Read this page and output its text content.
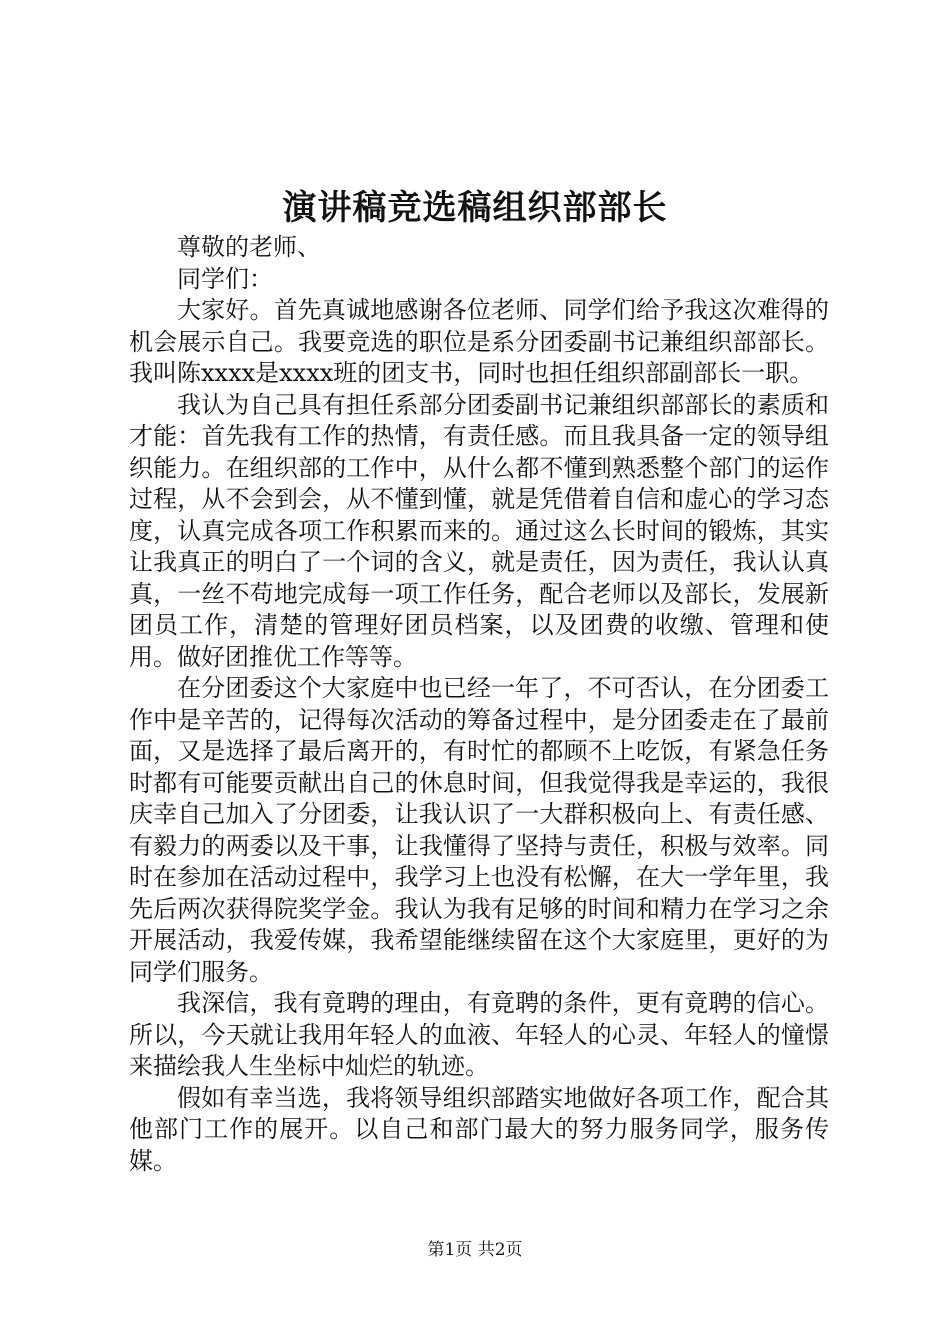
演讲稿竞选稿组织部部长

尊敬的老师、

同学们：

大家好。首先真诚地感谢各位老师、同学们给予我这次难得的机会展示自己。我要竞选的职位是系分团委副书记兼组织部部长。我叫陈xxxx是xxxx班的团支书，同时也担任组织部副部长一职。

我认为自己具有担任系部分团委副书记兼组织部部长的素质和才能：首先我有工作的热情，有责任感。而且我具备一定的领导组织能力。在组织部的工作中，从什么都不懂到熟悉整个部门的运作过程，从不会到会，从不懂到懂，就是凭借着自信和虚心的学习态度，认真完成各项工作积累而来的。通过这么长时间的锻炼，其实让我真正的明白了一个词的含义，就是责任，因为责任，我认认真真，一丝不苟地完成每一项工作任务，配合老师以及部长，发展新团员工作，清楚的管理好团员档案，以及团费的收缴、管理和使用。做好团推优工作等等。

在分团委这个大家庭中也已经一年了，不可否认，在分团委工作中是辛苦的，记得每次活动的筹备过程中，是分团委走在了最前面，又是选择了最后离开的，有时忙的都顾不上吃饭，有紧急任务时都有可能要贡献出自己的休息时间，但我觉得我是幸运的，我很庆幸自己加入了分团委，让我认识了一大群积极向上、有责任感、有毅力的两委以及干事，让我懂得了坚持与责任，积极与效率。同时在参加在活动过程中，我学习上也没有松懈，在大一学年里，我先后两次获得院奖学金。我认为我有足够的时间和精力在学习之余开展活动，我爱传媒，我希望能继续留在这个大家庭里，更好的为同学们服务。

我深信，我有竟聘的理由，有竟聘的条件，更有竟聘的信心。所以，今天就让我用年轻人的血液、年轻人的心灵、年轻人的憧憬来描绘我人生坐标中灿烂的轨迹。

假如有幸当选，我将领导组织部踏实地做好各项工作，配合其他部门工作的展开。以自己和部门最大的努力服务同学，服务传媒。

第1页 共2页
